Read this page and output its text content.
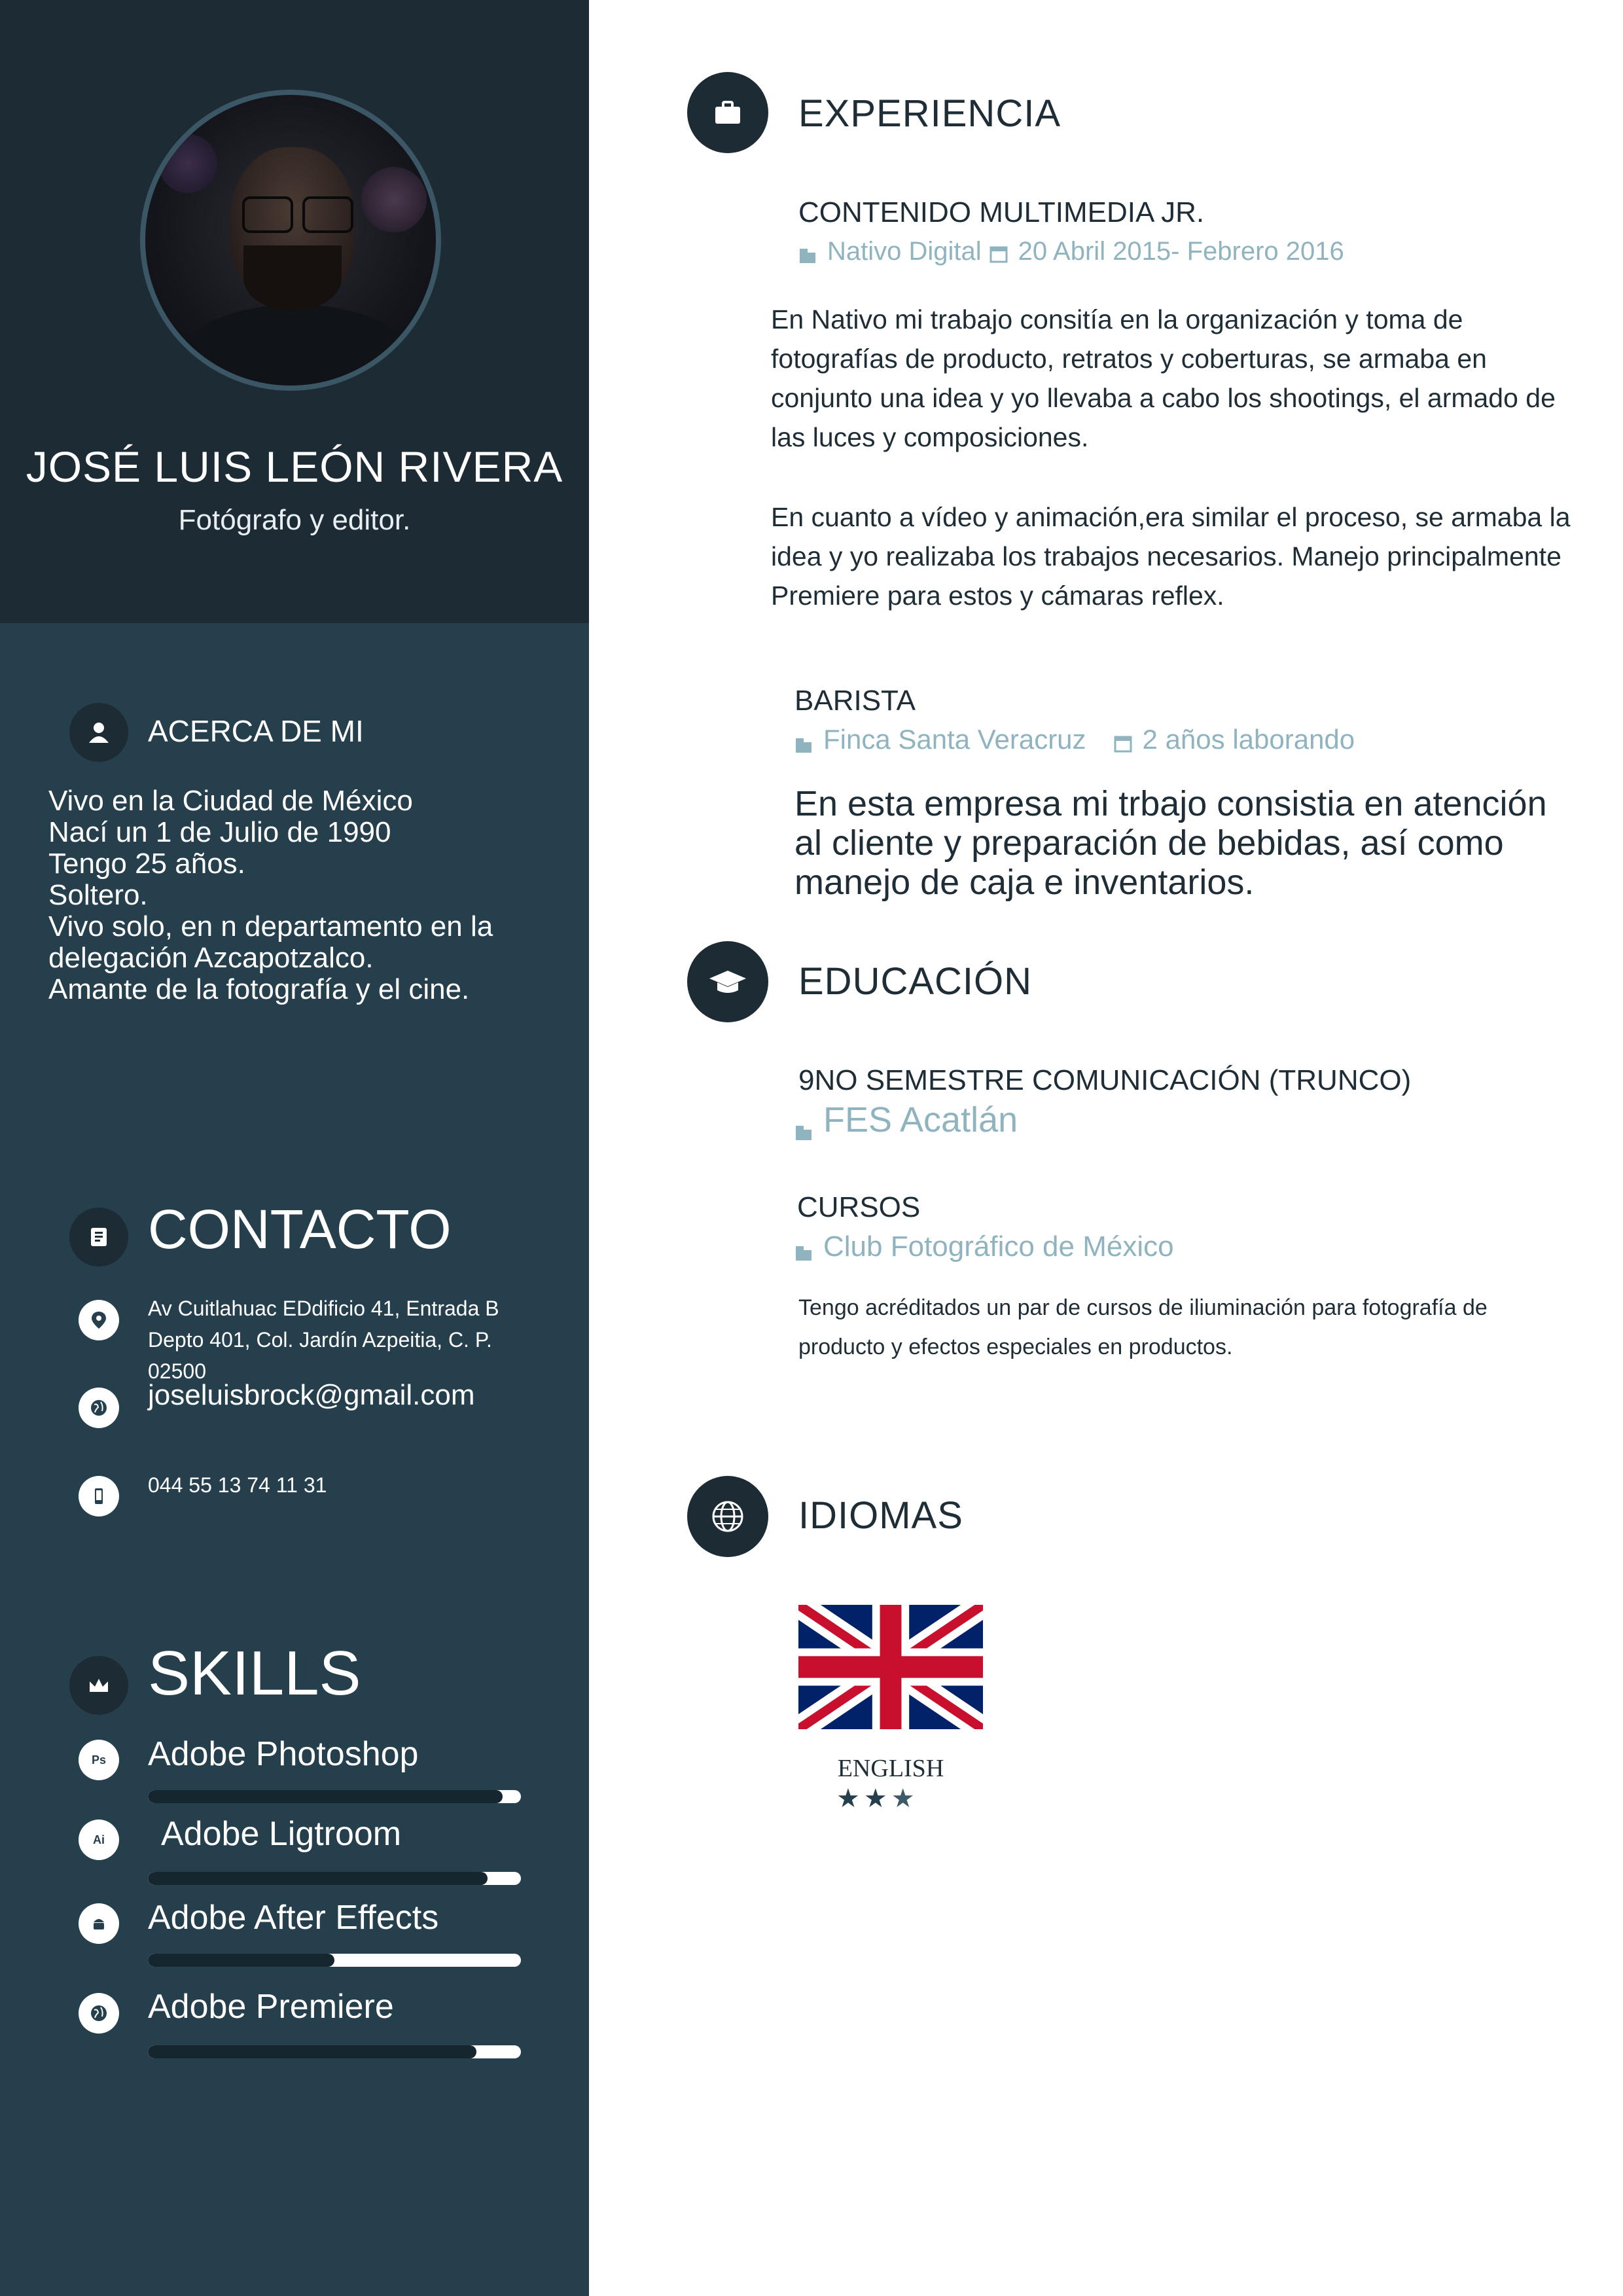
JOSÉ LUIS LEÓN RIVERA
Fotógrafo y editor.
ACERCA DE MI
Vivo en la Ciudad de México
Nací un 1 de Julio de 1990
Tengo 25 años.
Soltero.
Vivo solo, en n departamento en la
delegación Azcapotzalco.
Amante de la fotografía y el cine.
CONTACTO
Av Cuitlahuac EDdificio 41, Entrada B
Depto 401, Col. Jardín Azpeitia, C. P.
02500
joseluisbrock@gmail.com
044 55 13 74 11 31
SKILLS
Ps	Adobe Photoshop
Ai	Adobe Ligtroom
Adobe After Effects
Adobe Premiere
EXPERIENCIA
CONTENIDO MULTIMEDIA JR.
Nativo Digital 20 Abril 2015- Febrero 2016
En Nativo mi trabajo consitía en la organización y toma de fotografías de producto, retratos y coberturas, se armaba en conjunto una idea y yo llevaba a cabo los shootings, el armado de las luces y composiciones.
En cuanto a vídeo y animación,era similar el proceso, se armaba la idea y yo realizaba los trabajos necesarios. Manejo principalmente Premiere para estos y cámaras reflex.
BARISTA
Finca Santa Veracruz 2 años laborando
En esta empresa mi trbajo consistia en atención al cliente y preparación de bebidas, así como manejo de caja e inventarios.
EDUCACIÓN
9NO SEMESTRE COMUNICACIÓN (TRUNCO)
FES Acatlán
CURSOS
Club Fotográfico de México
Tengo acréditados un par de cursos de iliuminación para fotografía de producto y efectos especiales en productos.
IDIOMAS
ENGLISH
★ ★ ★
